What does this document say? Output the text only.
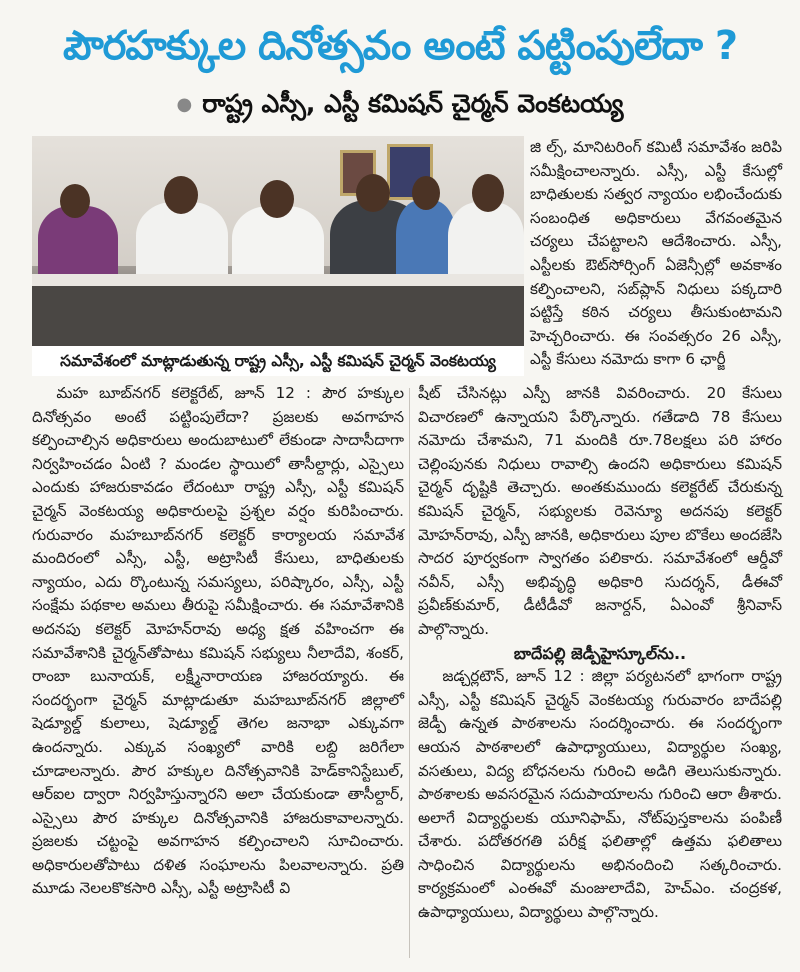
పౌరహక్కుల దినోత్సవం అంటే పట్టింపులేదా ?
● రాష్ట్ర ఎస్సీ, ఎస్టీ కమిషన్ చైర్మన్ వెంకటయ్య
సమావేశంలో మాట్లాడుతున్న రాష్ట్ర ఎస్సీ, ఎస్టీ కమిషన్ చైర్మన్ వెంకటయ్య

జి ల్స్, మానిటరింగ్ కమిటీ సమావేశం జరిపి సమీక్షించాలన్నారు. ఎస్సీ, ఎస్టీ కేసుల్లో బాధితులకు సత్వర న్యాయం లభించేందుకు సంబంధిత అధికారులు వేగవంతమైన చర్యలు చేపట్టాలని ఆదేశించారు. ఎస్సీ, ఎస్టీలకు ఔట్‌సోర్సింగ్ ఏజెన్సీల్లో అవకాశం కల్పించాలని, సబ్‌ప్లాన్ నిధులు పక్కదారి పట్టిస్తే కఠిన చర్యలు తీసుకుంటామని హెచ్చరించారు. ఈ సంవత్సరం 26 ఎస్సీ, ఎస్టీ కేసులు నమోదు కాగా 6 ఛార్జీ

మహ బూబ్‌నగర్ కలెక్టరేట్, జూన్ 12 : పౌర హక్కుల దినోత్సవం అంటే పట్టింపులేదా? ప్రజలకు అవగాహన కల్పించాల్సిన అధికారులు అందుబాటులో లేకుండా సాదాసీదాగా నిర్వహించడం ఏంటి ? మండల స్థాయిలో తాసీల్దార్లు, ఎస్సైలు ఎందుకు హాజరుకావడం లేదంటూ రాష్ట్ర ఎస్సీ, ఎస్టీ కమిషన్ చైర్మన్ వెంకటయ్య అధికారులపై ప్రశ్నల వర్షం కురిపించారు. గురువారం మహబూబ్‌నగర్ కలెక్టర్ కార్యాలయ సమావేశ మందిరంలో ఎస్సీ, ఎస్టీ, అట్రాసిటీ కేసులు, బాధితులకు న్యాయం, ఎదు ర్కొంటున్న సమస్యలు, పరిష్కారం, ఎస్సీ, ఎస్టీ సంక్షేమ పథకాల అమలు తీరుపై సమీక్షించారు. ఈ సమావేశానికి అదనపు కలెక్టర్ మోహన్‌రావు అధ్య క్షత వహించగా ఈ సమావేశానికి చైర్మన్‌తోపాటు కమిషన్ సభ్యులు నీలాదేవి, శంకర్, రాంబా బునాయక్, లక్ష్మీనారాయణ హాజరయ్యారు. ఈ సందర్భంగా చైర్మన్ మాట్లాడుతూ మహబూబ్‌నగర్ జిల్లాలో షెడ్యూల్డ్ కులాలు, షెడ్యూల్డ్ తెగల జనాభా ఎక్కువగా ఉందన్నారు. ఎక్కువ సంఖ్యలో వారికి లబ్ది జరిగేలా చూడాలన్నారు. పౌర హక్కుల దినోత్సవానికి హెడ్‌కానిస్టేబుల్, ఆర్‌ఐల ద్వారా నిర్వహిస్తున్నారని అలా చేయకుండా తాసీల్దార్, ఎస్సైలు పౌర హక్కుల దినోత్సవానికి హాజరుకావాలన్నారు. ప్రజలకు చట్టంపై అవగాహన కల్పించాలని సూచించారు. అధికారులతోపాటు దళిత సంఘాలను పిలవాలన్నారు. ప్రతి మూడు నెలలకొకసారి ఎస్సీ, ఎస్టీ అట్రాసిటీ వి

షీట్ చేసినట్లు ఎస్పీ జానకి వివరించారు. 20 కేసులు విచారణలో ఉన్నాయని పేర్కొన్నారు. గతేడాది 78 కేసులు నమోదు చేశామని, 71 మందికి రూ.78లక్షలు పరి హారం చెల్లింపునకు నిధులు రావాల్సి ఉందని అధికారులు కమిషన్ చైర్మన్ దృష్టికి తెచ్చారు. అంతకుముందు కలెక్టరేట్ చేరుకున్న కమిషన్ చైర్మన్, సభ్యులకు రెవెన్యూ అదనపు కలెక్టర్ మోహన్‌రావు, ఎస్పీ జానకి, అధికారులు పూల బొకేలు అందజేసి సాదర పూర్వకంగా స్వాగతం పలికారు. సమావేశంలో ఆర్డీవో నవీన్, ఎస్సీ అభివృద్ధి అధికారి సుదర్శన్, డీఈవో ప్రవీణ్‌కుమార్, డీటీడీవో జనార్దన్, ఏఎంవో శ్రీనివాస్ పాల్గొన్నారు.

బాదేపల్లి జెడ్పీహైస్కూల్‌ను..

జడ్చర్లటౌన్, జూన్ 12 : జిల్లా పర్యటనలో భాగంగా రాష్ట్ర ఎస్సీ, ఎస్టీ కమిషన్ చైర్మన్ వెంకటయ్య గురువారం బాదేపల్లి జెడ్పీ ఉన్నత పాఠశాలను సందర్శించారు. ఈ సందర్భంగా ఆయన పాఠశాలలో ఉపాధ్యాయులు, విద్యార్థుల సంఖ్య, వసతులు, విద్య బోధనలను గురించి అడిగి తెలుసుకున్నారు. పాఠశాలకు అవసరమైన సదుపాయాలను గురించి ఆరా తీశారు. అలాగే విద్యార్థులకు యూనిఫామ్, నోట్‌పుస్తకాలను పంపిణీ చేశారు. పదోతరగతి పరీక్ష ఫలితాల్లో ఉత్తమ ఫలితాలు సాధించిన విద్యార్థులను అభినందించి సత్కరించారు. కార్యక్రమంలో ఎంఈవో మంజులాదేవి, హెచ్‌ఎం. చంద్రకళ, ఉపాధ్యాయులు, విద్యార్థులు పాల్గొన్నారు.
